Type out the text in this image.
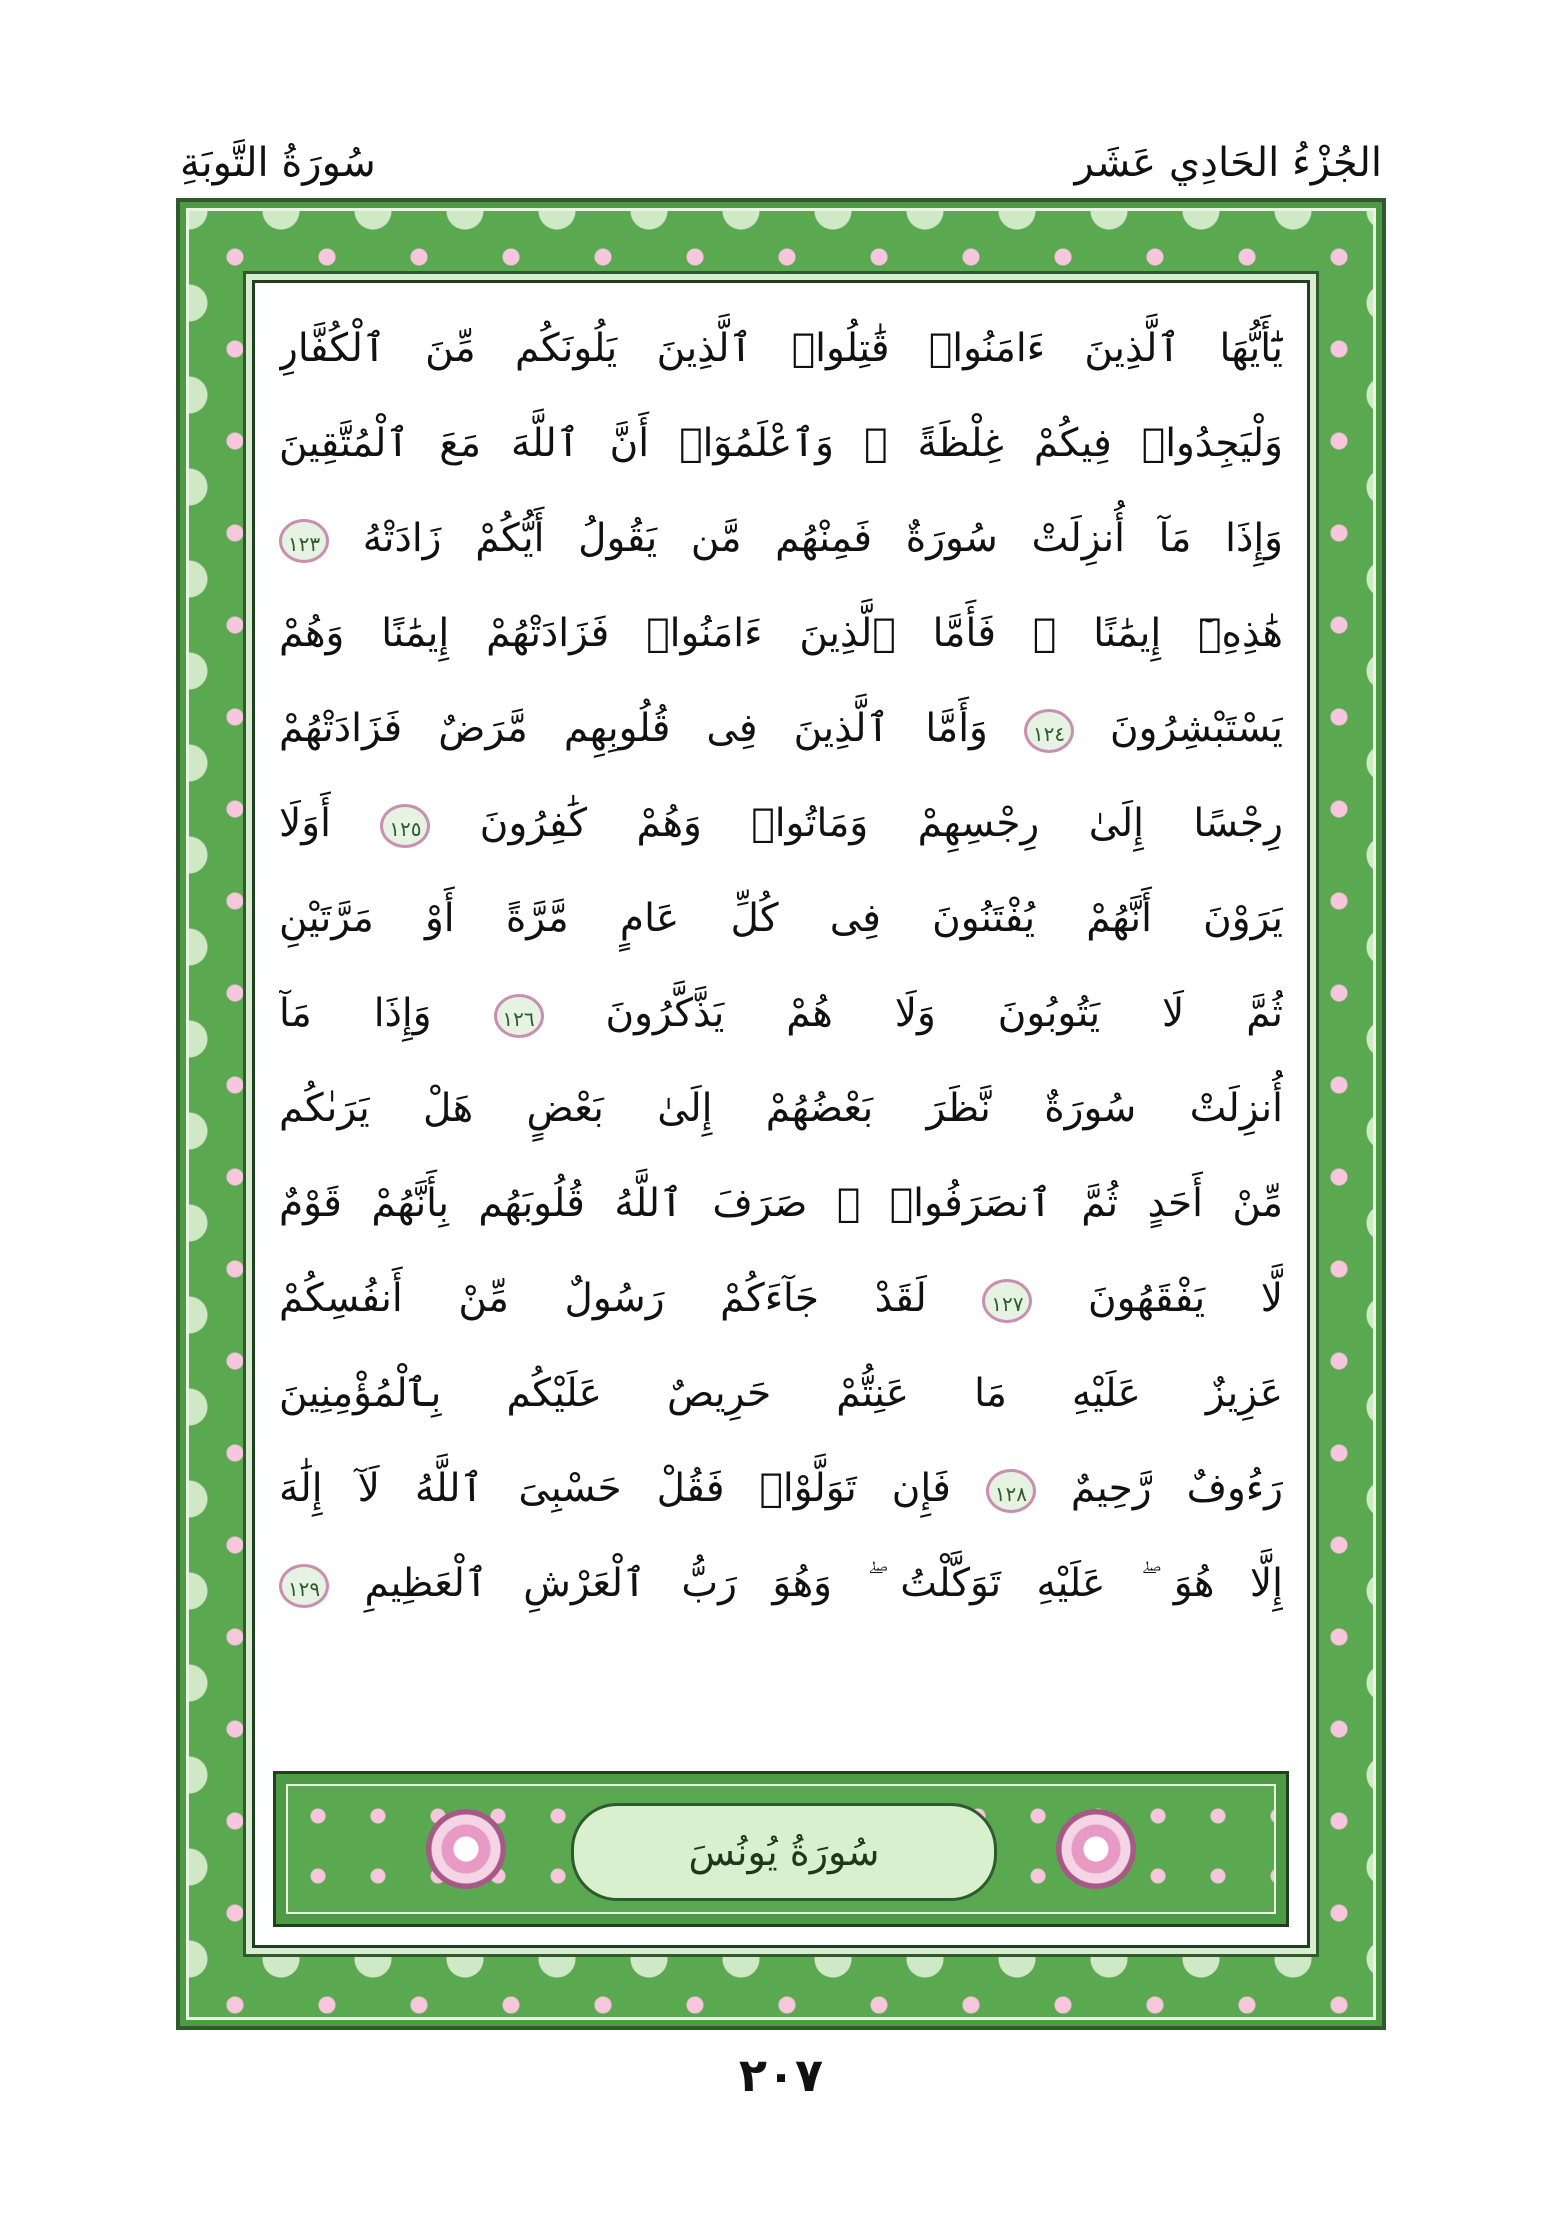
الجُزْءُ الحَادِي عَشَر
سُورَةُ التَّوبَةِ
يَٰٓأَيُّهَا ٱلَّذِينَ ءَامَنُوا۟ قَٰتِلُوا۟ ٱلَّذِينَ يَلُونَكُم مِّنَ ٱلْكُفَّارِ
وَلْيَجِدُوا۟ فِيكُمْ غِلْظَةً ۚ وَٱعْلَمُوٓا۟ أَنَّ ٱللَّهَ مَعَ ٱلْمُتَّقِينَ
وَإِذَا مَآ أُنزِلَتْ سُورَةٌ فَمِنْهُم مَّن يَقُولُ أَيُّكُمْ زَادَتْهُ ١٢٣
هَٰذِهِۦٓ إِيمَٰنًا ۚ فَأَمَّا ٱلَّذِينَ ءَامَنُوا۟ فَزَادَتْهُمْ إِيمَٰنًا وَهُمْ
يَسْتَبْشِرُونَ ١٢٤ وَأَمَّا ٱلَّذِينَ فِى قُلُوبِهِم مَّرَضٌ فَزَادَتْهُمْ
رِجْسًا إِلَىٰ رِجْسِهِمْ وَمَاتُوا۟ وَهُمْ كَٰفِرُونَ ١٢٥ أَوَلَا
يَرَوْنَ أَنَّهُمْ يُفْتَنُونَ فِى كُلِّ عَامٍ مَّرَّةً أَوْ مَرَّتَيْنِ
ثُمَّ لَا يَتُوبُونَ وَلَا هُمْ يَذَّكَّرُونَ ١٢٦ وَإِذَا مَآ
أُنزِلَتْ سُورَةٌ نَّظَرَ بَعْضُهُمْ إِلَىٰ بَعْضٍ هَلْ يَرَىٰكُم
مِّنْ أَحَدٍ ثُمَّ ٱنصَرَفُوا۟ ۚ صَرَفَ ٱللَّهُ قُلُوبَهُم بِأَنَّهُمْ قَوْمٌ
لَّا يَفْقَهُونَ ١٢٧ لَقَدْ جَآءَكُمْ رَسُولٌ مِّنْ أَنفُسِكُمْ
عَزِيزٌ عَلَيْهِ مَا عَنِتُّمْ حَرِيصٌ عَلَيْكُم بِٱلْمُؤْمِنِينَ
رَءُوفٌ رَّحِيمٌ ١٢٨ فَإِن تَوَلَّوْا۟ فَقُلْ حَسْبِىَ ٱللَّهُ لَآ إِلَٰهَ
إِلَّا هُوَ ۖ عَلَيْهِ تَوَكَّلْتُ ۖ وَهُوَ رَبُّ ٱلْعَرْشِ ٱلْعَظِيمِ ١٢٩
سُورَةُ يُونُسَ
٢٠٧
